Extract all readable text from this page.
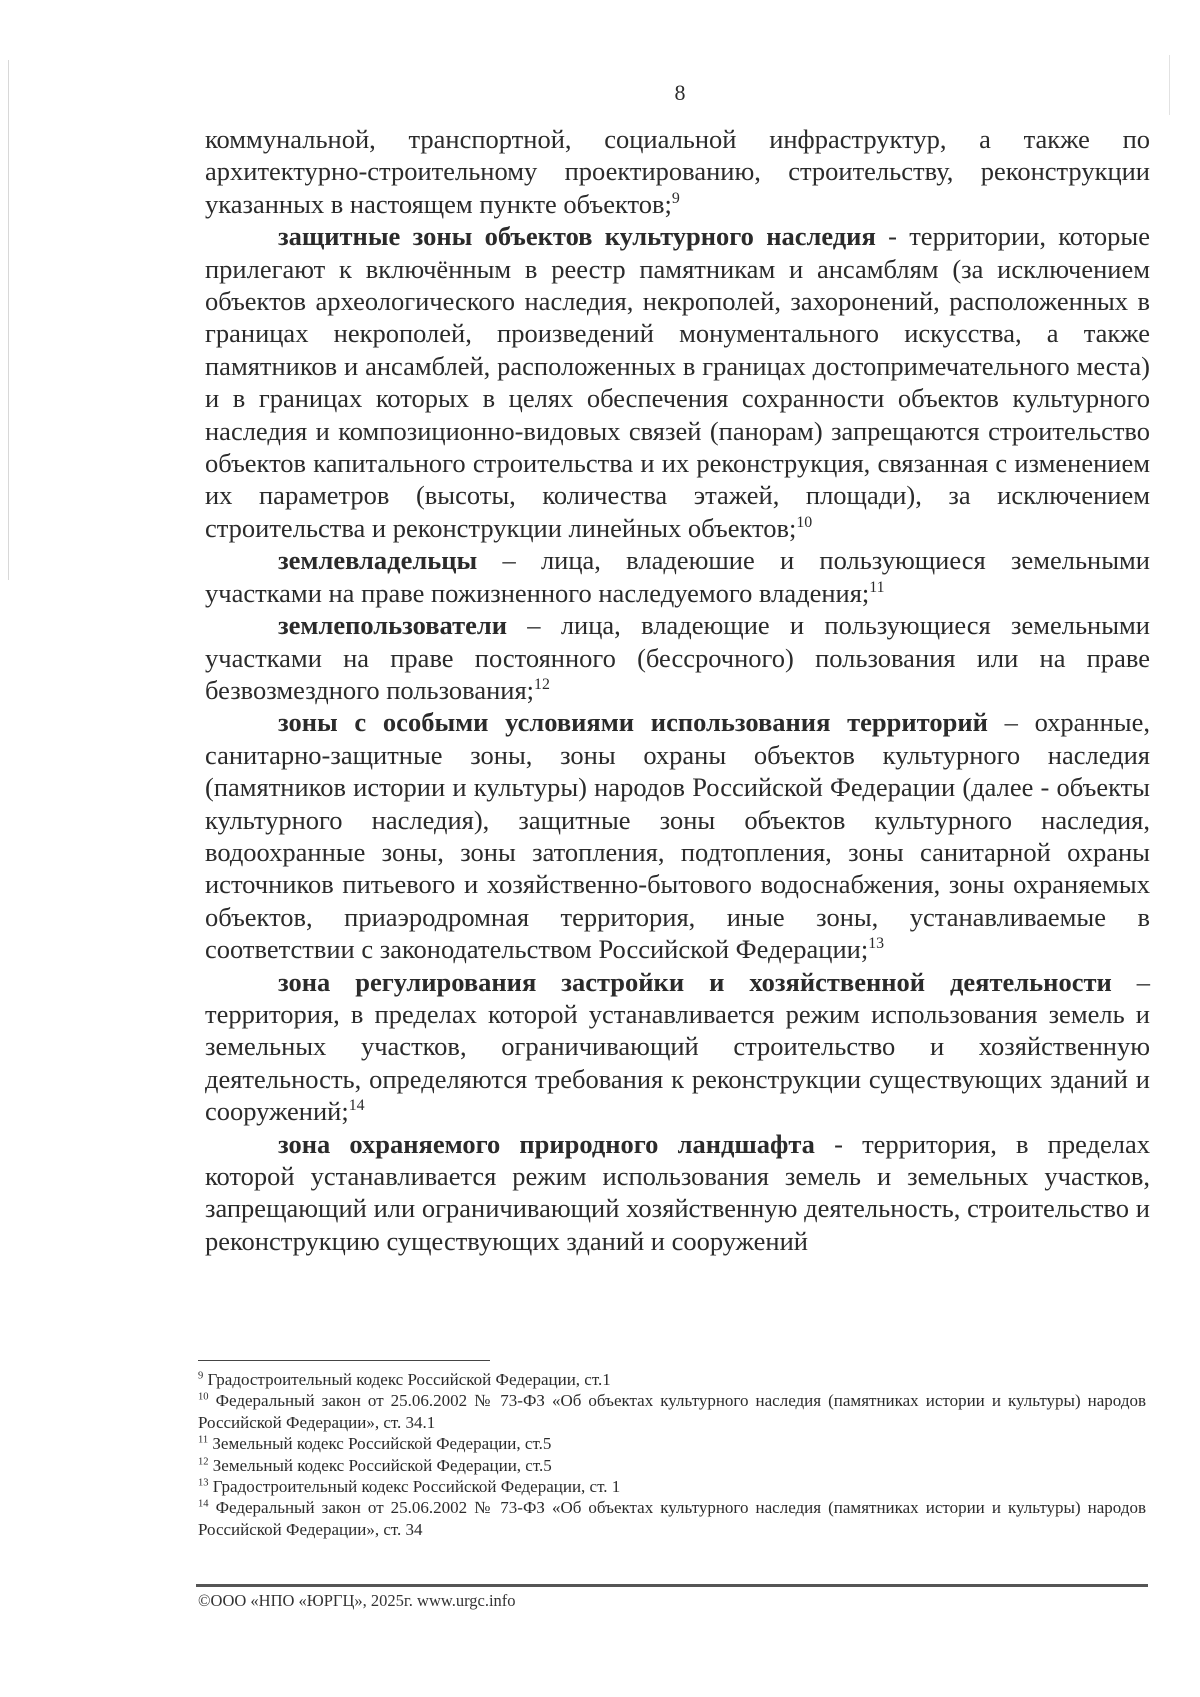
8

коммунальной, транспортной, социальной инфраструктур, а также по архитектурно-строительному проектированию, строительству, реконструкции указанных в настоящем пункте объектов;$^9$

защитные зоны объектов культурного наследия - территории, которые прилегают к включённым в реестр памятникам и ансамблям (за исключением объектов археологического наследия, некрополей, захоронений, расположенных в границах некрополей, произведений монументального искусства, а также памятников и ансамблей, расположенных в границах достопримечательного места) и в границах которых в целях обеспечения сохранности объектов культурного наследия и композиционно-видовых связей (панорам) запрещаются строительство объектов капитального строительства и их реконструкция, связанная с изменением их параметров (высоты, количества этажей, площади), за исключением строительства и реконструкции линейных объектов;$^{10}$

землевладельцы – лица, владеюшие и пользующиеся земельными участками на праве пожизненного наследуемого владения;$^{11}$

землепользователи – лица, владеющие и пользующиеся земельными участками на праве постоянного (бессрочного) пользования или на праве безвозмездного пользования;$^{12}$

зоны с особыми условиями использования территорий – охранные, санитарно-защитные зоны, зоны охраны объектов культурного наследия (памятников истории и культуры) народов Российской Федерации (далее - объекты культурного наследия), защитные зоны объектов культурного наследия, водоохранные зоны, зоны затопления, подтопления, зоны санитарной охраны источников питьевого и хозяйственно-бытового водоснабжения, зоны охраняемых объектов, приаэродромная территория, иные зоны, устанавливаемые в соответствии с законодательством Российской Федерации;$^{13}$

зона регулирования застройки и хозяйственной деятельности – территория, в пределах которой устанавливается режим использования земель и земельных участков, ограничивающий строительство и хозяйственную деятельность, определяются требования к реконструкции существующих зданий и сооружений;$^{14}$

зона охраняемого природного ландшафта - территория, в пределах которой устанавливается режим использования земель и земельных участков, запрещающий или ограничивающий хозяйственную деятельность, строительство и реконструкцию существующих зданий и сооружений

$^9$ Градостроительный кодекс Российской Федерации, ст.1

$^{10}$ Федеральный закон от 25.06.2002 № 73-ФЗ «Об объектах культурного наследия (памятниках истории и культуры) народов Российской Федерации», ст. 34.1

$^{11}$ Земельный кодекс Российской Федерации, ст.5

$^{12}$ Земельный кодекс Российской Федерации, ст.5

$^{13}$ Градостроительный кодекс Российской Федерации, ст. 1

$^{14}$ Федеральный закон от 25.06.2002 № 73-ФЗ «Об объектах культурного наследия (памятниках истории и культуры) народов Российской Федерации», ст. 34

©ООО «НПО «ЮРГЦ», 2025г. www.urgc.info
